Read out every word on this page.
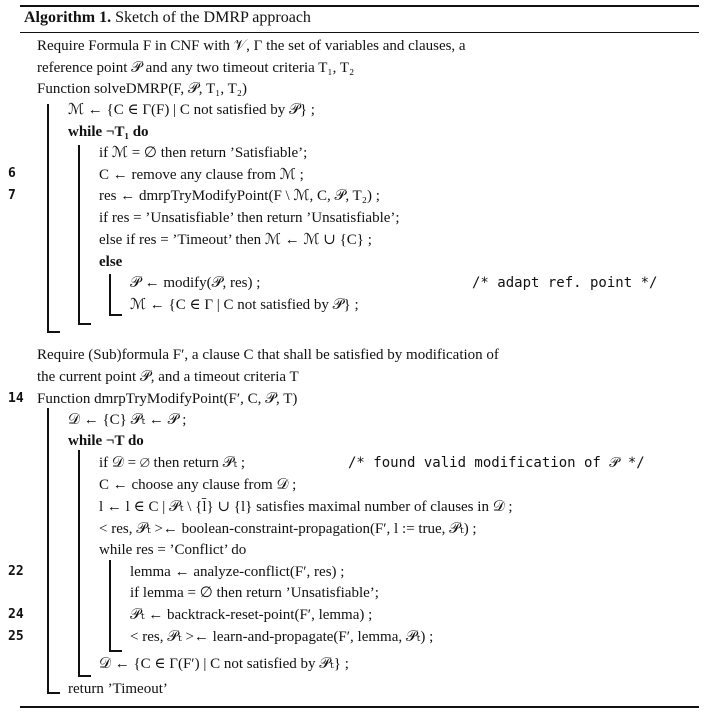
Algorithm 1. Sketch of the DMRP approach
6
7
14
22
24
25
Require Formula F in CNF with 𝒱, Γ the set of variables and clauses, a
reference point 𝒫 and any two timeout criteria T₁, T₂
Function solveDMRP(F, 𝒫, T₁, T₂)
ℳ ← {C ∈ Γ(F) | C not satisfied by 𝒫} ;
while ¬T₁ do
if ℳ = ∅ then return ’Satisfiable’;
C ← remove any clause from ℳ ;
res ← dmrpTryModifyPoint(F \ ℳ, C, 𝒫, T₂) ;
if res = ’Unsatisfiable’ then return ’Unsatisfiable’;
else if res = ’Timeout’ then ℳ ← ℳ ∪ {C} ;
else
𝒫 ← modify(𝒫, res) ;	/* adapt ref. point */
ℳ ← {C ∈ Γ | C not satisfied by 𝒫} ;
Require (Sub)formula F′, a clause C that shall be satisfied by modification of
the current point 𝒫, and a timeout criteria T
Function dmrpTryModifyPoint(F′, C, 𝒫, T)
𝒟 ← {C} 𝒫ₜ ← 𝒫 ;
while ¬T do
if 𝒟 = ∅ then return 𝒫ₜ ;	/* found valid modification of 𝒫 */
C ← choose any clause from 𝒟 ;
l ← l ∈ C | 𝒫ₜ \ {l̄} ∪ {l} satisfies maximal number of clauses in 𝒟 ;
< res, 𝒫ₜ >← boolean-constraint-propagation(F′, l := true, 𝒫ₜ) ;
while res = ’Conflict’ do
lemma ← analyze-conflict(F′, res) ;
if lemma = ∅ then return ’Unsatisfiable’;
𝒫ₜ ← backtrack-reset-point(F′, lemma) ;
< res, 𝒫ₜ >← learn-and-propagate(F′, lemma, 𝒫ₜ) ;
𝒟 ← {C ∈ Γ(F′) | C not satisfied by 𝒫ₜ} ;
return ’Timeout’
